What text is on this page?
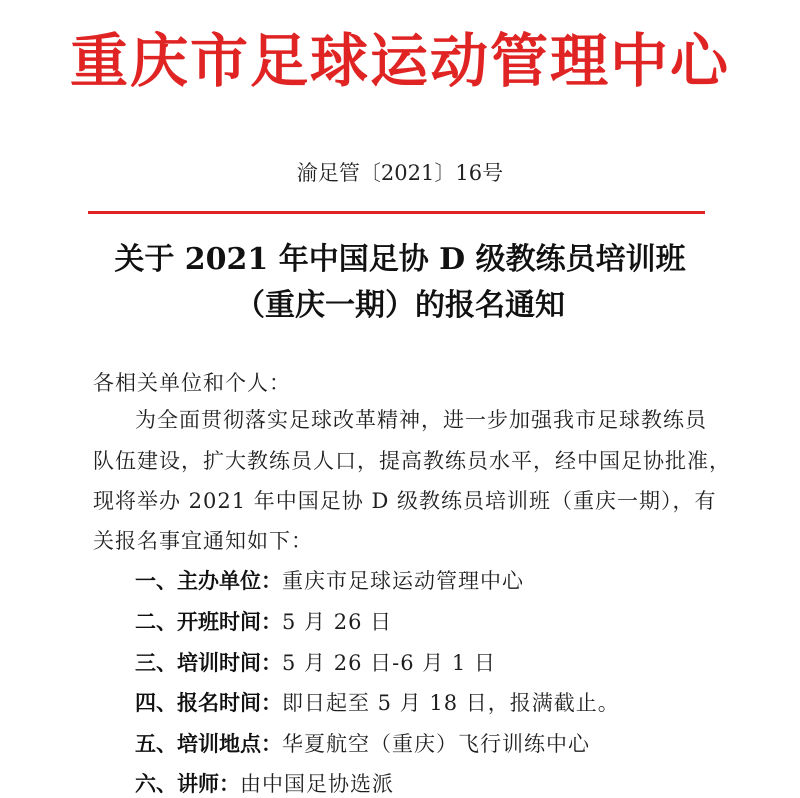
重庆市足球运动管理中心
渝足管〔2021〕16号
关于 2021 年中国足协 D 级教练员培训班
（重庆一期）的报名通知
各相关单位和个人：
为全面贯彻落实足球改革精神，进一步加强我市足球教练员
队伍建设，扩大教练员人口，提高教练员水平，经中国足协批准，
现将举办 2021 年中国足协 D 级教练员培训班（重庆一期），有
关报名事宜通知如下：
一、主办单位：重庆市足球运动管理中心
二、开班时间：5 月 26 日
三、培训时间：5 月 26 日-6 月 1 日
四、报名时间：即日起至 5 月 18 日，报满截止。
五、培训地点：华夏航空（重庆）飞行训练中心
六、讲师：由中国足协选派
